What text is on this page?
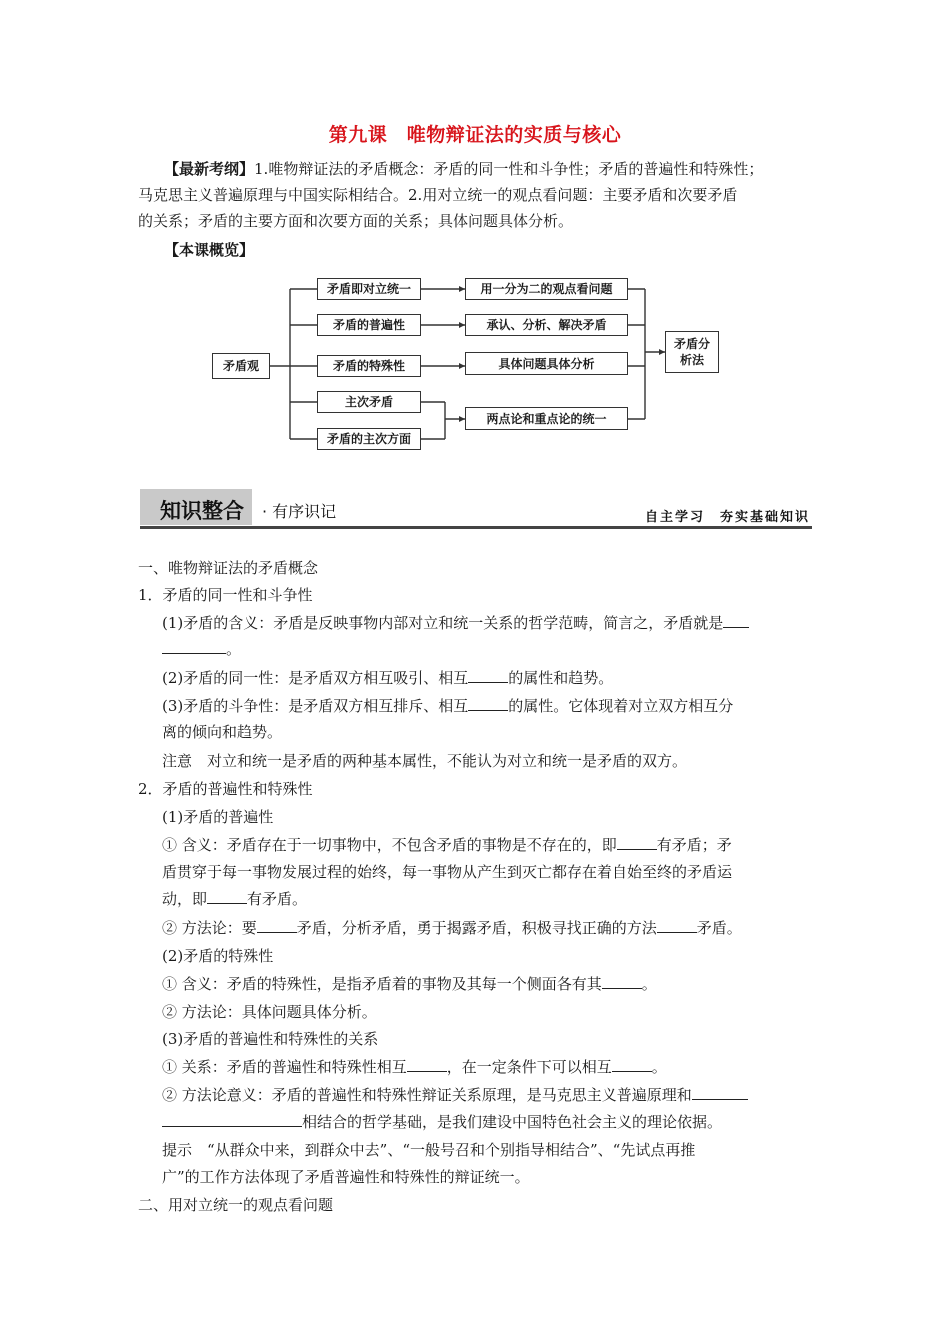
第九课　唯物辩证法的实质与核心
【最新考纲】1.唯物辩证法的矛盾概念：矛盾的同一性和斗争性；矛盾的普遍性和特殊性；
马克思主义普遍原理与中国实际相结合。2.用对立统一的观点看问题：主要矛盾和次要矛盾
的关系；矛盾的主要方面和次要方面的关系；具体问题具体分析。
【本课概览】
矛盾观
矛盾即对立统一
矛盾的普遍性
矛盾的特殊性
主次矛盾
矛盾的主次方面
用一分为二的观点看问题
承认、分析、解决矛盾
具体问题具体分析
两点论和重点论的统一
矛盾分
析法
知识整合 · 有序识记	自主学习　夯实基础知识
一、唯物辩证法的矛盾概念
1．矛盾的同一性和斗争性
(1)矛盾的含义：矛盾是反映事物内部对立和统一关系的哲学范畴，简言之，矛盾就是
。
(2)矛盾的同一性：是矛盾双方相互吸引、相互	的属性和趋势。
(3)矛盾的斗争性：是矛盾双方相互排斥、相互	的属性。它体现着对立双方相互分
离的倾向和趋势。
注意　对立和统一是矛盾的两种基本属性，不能认为对立和统一是矛盾的双方。
2．矛盾的普遍性和特殊性
(1)矛盾的普遍性
① 含义：矛盾存在于一切事物中，不包含矛盾的事物是不存在的，即	有矛盾；矛
盾贯穿于每一事物发展过程的始终，每一事物从产生到灭亡都存在着自始至终的矛盾运
动，即	有矛盾。
② 方法论：要	矛盾，分析矛盾，勇于揭露矛盾，积极寻找正确的方法	矛盾。
(2)矛盾的特殊性
① 含义：矛盾的特殊性，是指矛盾着的事物及其每一个侧面各有其	。
② 方法论：具体问题具体分析。
(3)矛盾的普遍性和特殊性的关系
① 关系：矛盾的普遍性和特殊性相互	，在一定条件下可以相互	。
② 方法论意义：矛盾的普遍性和特殊性辩证关系原理，是马克思主义普遍原理和
相结合的哲学基础，是我们建设中国特色社会主义的理论依据。
提示　“从群众中来，到群众中去”、“一般号召和个别指导相结合”、“先试点再推
广”的工作方法体现了矛盾普遍性和特殊性的辩证统一。
二、用对立统一的观点看问题
